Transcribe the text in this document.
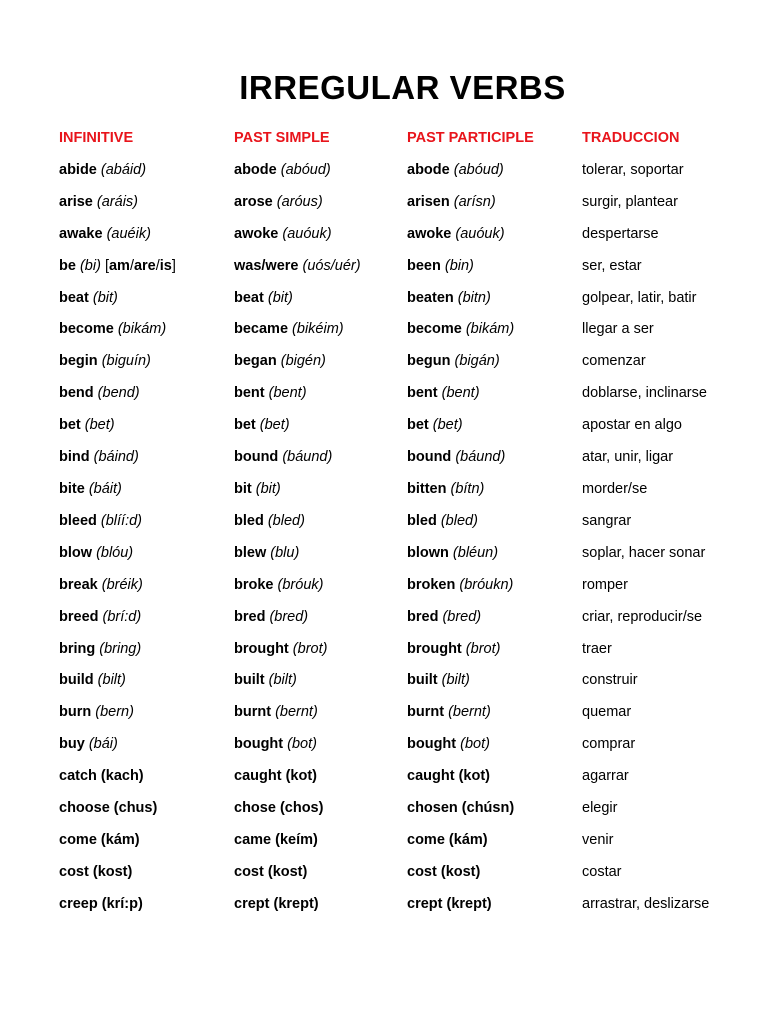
IRREGULAR VERBS
INFINITIVE	PAST SIMPLE	PAST PARTICIPLE	TRADUCCION
abide (abáid)	abode (abóud)	abode (abóud)	tolerar, soportar
arise (aráis)	arose (aróus)	arisen (arísn)	surgir, plantear
awake (auéik)	awoke (auóuk)	awoke (auóuk)	despertarse
be (bi) [am/are/is]	was/were (uós/uér)	been (bin)	ser, estar
beat (bit)	beat (bit)	beaten (bitn)	golpear, latir, batir
become (bikám)	became (bikéim)	become (bikám)	llegar a ser
begin (biguín)	began (bigén)	begun (bigán)	comenzar
bend (bend)	bent (bent)	bent (bent)	doblarse, inclinarse
bet (bet)	bet (bet)	bet (bet)	apostar en algo
bind (báind)	bound (báund)	bound (báund)	atar, unir, ligar
bite (báit)	bit (bit)	bitten (bítn)	morder/se
bleed (blíí:d)	bled (bled)	bled (bled)	sangrar
blow (blóu)	blew (blu)	blown (bléun)	soplar, hacer sonar
break (bréik)	broke (bróuk)	broken (bróukn)	romper
breed (brí:d)	bred (bred)	bred (bred)	criar, reproducir/se
bring (bring)	brought (brot)	brought (brot)	traer
build (bilt)	built (bilt)	built (bilt)	construir
burn (bern)	burnt (bernt)	burnt (bernt)	quemar
buy (bái)	bought (bot)	bought (bot)	comprar
catch (kach)	caught (kot)	caught (kot)	agarrar
choose (chus)	chose (chos)	chosen (chúsn)	elegir
come (kám)	came (keím)	come (kám)	venir
cost (kost)	cost (kost)	cost (kost)	costar
creep (krí:p)	crept (krept)	crept (krept)	arrastrar, deslizarse
